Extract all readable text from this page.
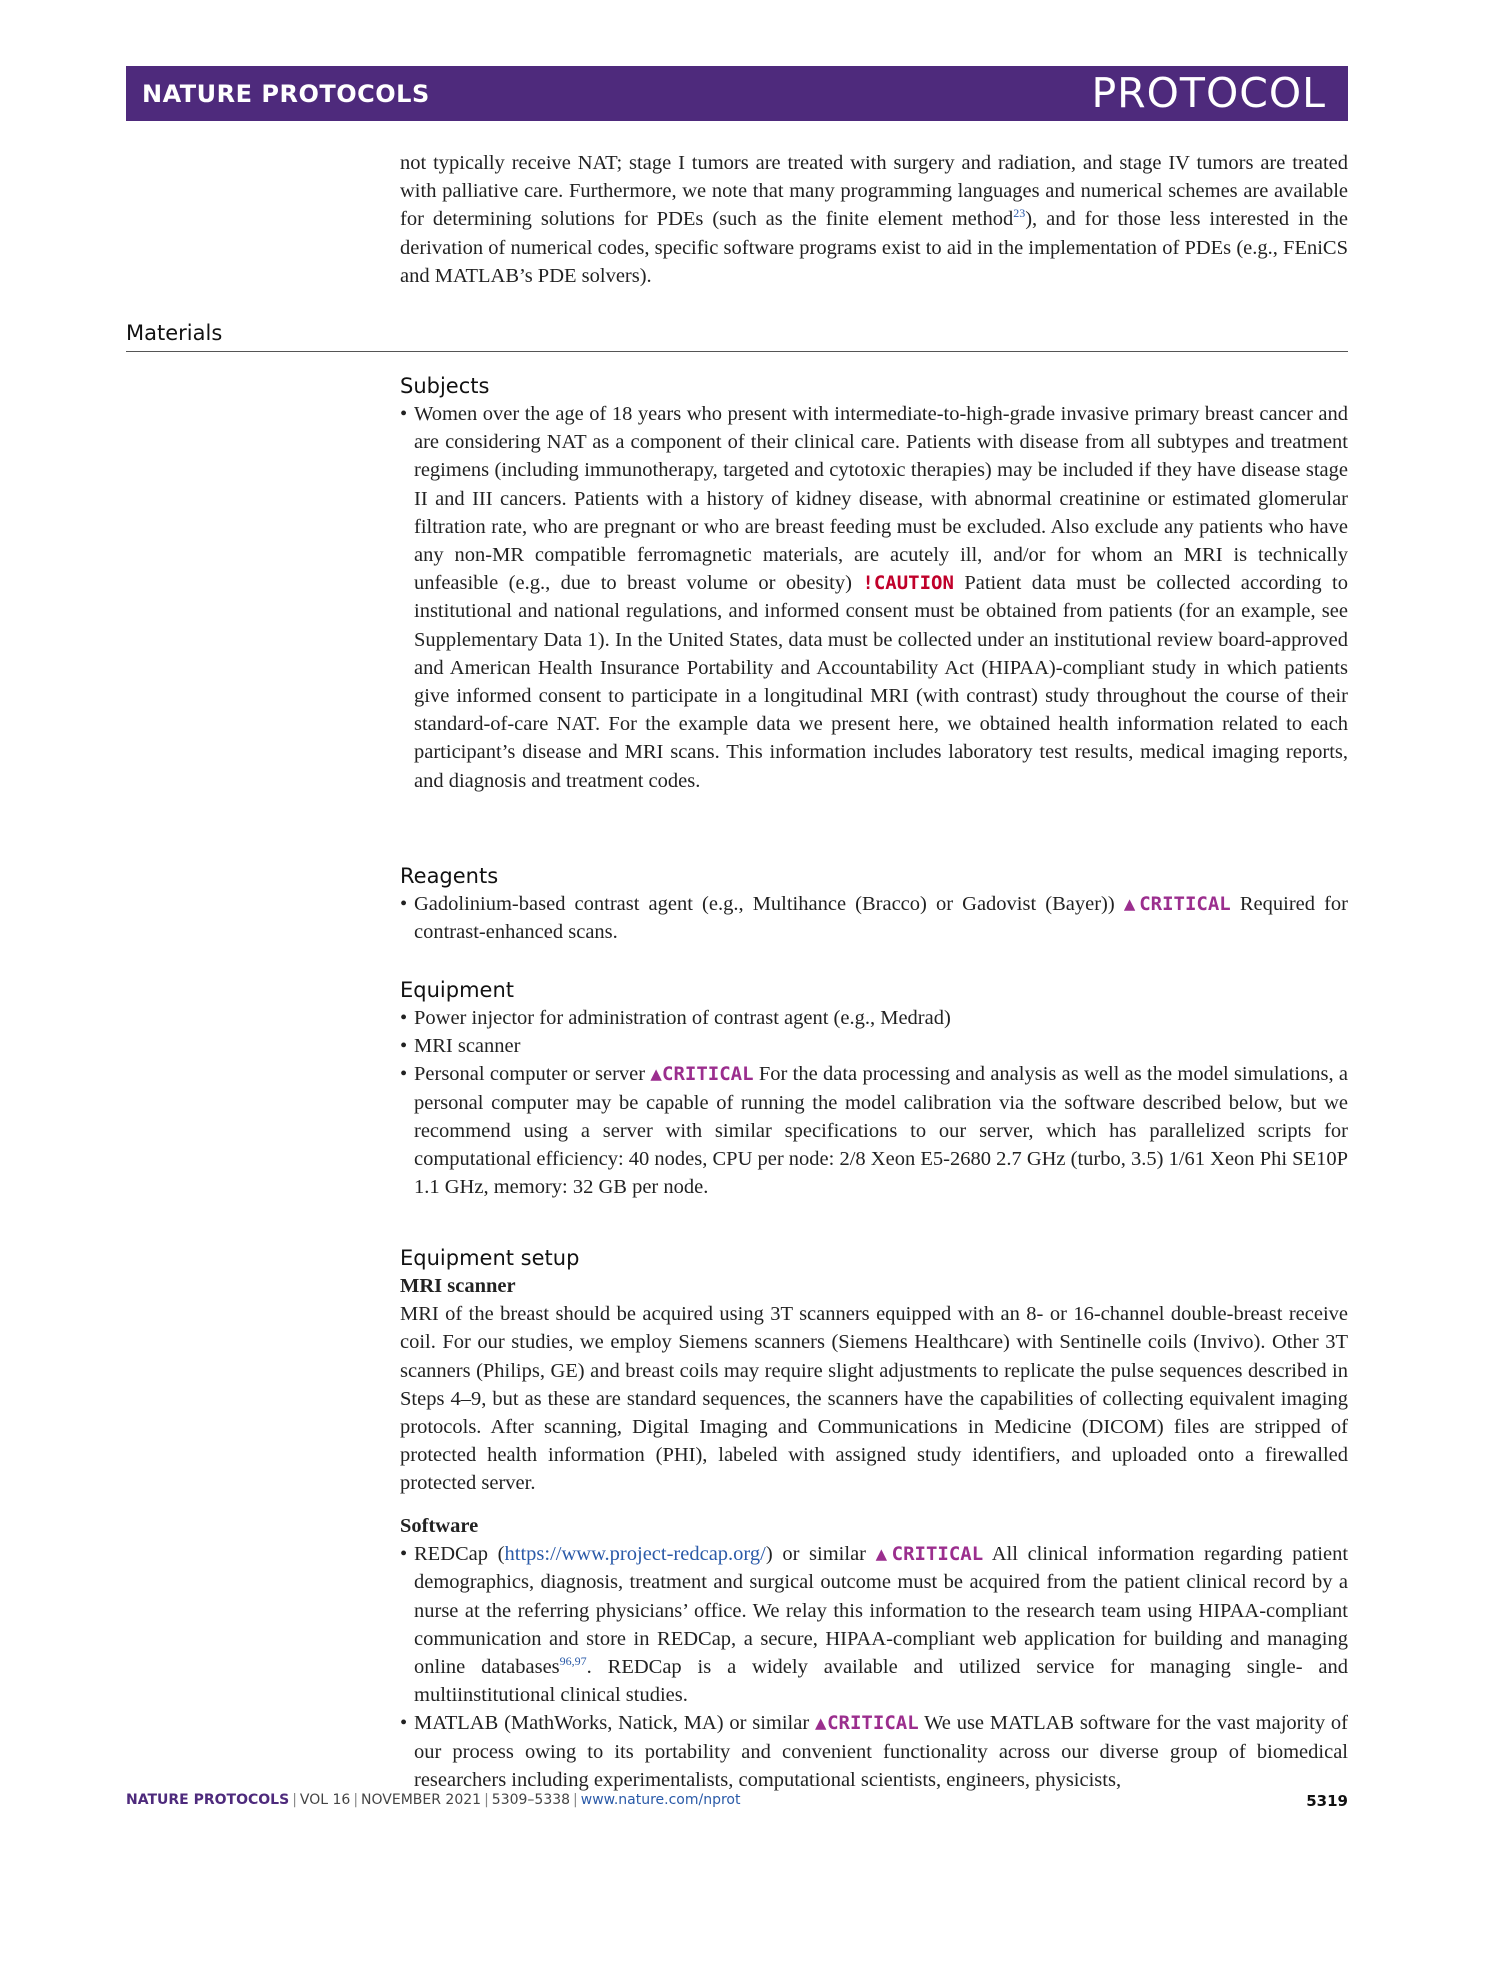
NATURE PROTOCOLS	PROTOCOL

not typically receive NAT; stage I tumors are treated with surgery and radiation, and stage IV tumors are treated with palliative care. Furthermore, we note that many programming languages and numerical schemes are available for determining solutions for PDEs (such as the finite element method$^{23}$), and for those less interested in the derivation of numerical codes, specific software programs exist to aid in the implementation of PDEs (e.g., FEniCS and MATLAB’s PDE solvers).

Materials
Subjects
• Women over the age of 18 years who present with intermediate-to-high-grade invasive primary breast cancer and are considering NAT as a component of their clinical care. Patients with disease from all subtypes and treatment regimens (including immunotherapy, targeted and cytotoxic therapies) may be included if they have disease stage II and III cancers. Patients with a history of kidney disease, with abnormal creatinine or estimated glomerular filtration rate, who are pregnant or who are breast feeding must be excluded. Also exclude any patients who have any non-MR compatible ferromagnetic materials, are acutely ill, and/or for whom an MRI is technically unfeasible (e.g., due to breast volume or obesity) !CAUTION Patient data must be collected according to institutional and national regulations, and informed consent must be obtained from patients (for an example, see Supplementary Data 1). In the United States, data must be collected under an institutional review board-approved and American Health Insurance Portability and Accountability Act (HIPAA)-compliant study in which patients give informed consent to participate in a longitudinal MRI (with contrast) study throughout the course of their standard-of-care NAT. For the example data we present here, we obtained health information related to each participant’s disease and MRI scans. This information includes laboratory test results, medical imaging reports, and diagnosis and treatment codes.
Reagents
• Gadolinium-based contrast agent (e.g., Multihance (Bracco) or Gadovist (Bayer)) ▲CRITICAL Required for contrast-enhanced scans.
Equipment
• Power injector for administration of contrast agent (e.g., Medrad)
• MRI scanner
• Personal computer or server ▲CRITICAL For the data processing and analysis as well as the model simulations, a personal computer may be capable of running the model calibration via the software described below, but we recommend using a server with similar specifications to our server, which has parallelized scripts for computational efficiency: 40 nodes, CPU per node: 2/8 Xeon E5-2680 2.7 GHz (turbo, 3.5) 1/61 Xeon Phi SE10P 1.1 GHz, memory: 32 GB per node.
Equipment setup

MRI scanner

MRI of the breast should be acquired using 3T scanners equipped with an 8- or 16-channel double-breast receive coil. For our studies, we employ Siemens scanners (Siemens Healthcare) with Sentinelle coils (Invivo). Other 3T scanners (Philips, GE) and breast coils may require slight adjustments to replicate the pulse sequences described in Steps 4–9, but as these are standard sequences, the scanners have the capabilities of collecting equivalent imaging protocols. After scanning, Digital Imaging and Communications in Medicine (DICOM) files are stripped of protected health information (PHI), labeled with assigned study identifiers, and uploaded onto a firewalled protected server.

Software

• REDCap (https://www.project-redcap.org/) or similar ▲CRITICAL All clinical information regarding patient demographics, diagnosis, treatment and surgical outcome must be acquired from the patient clinical record by a nurse at the referring physicians’ office. We relay this information to the research team using HIPAA-compliant communication and store in REDCap, a secure, HIPAA-compliant web application for building and managing online databases$^{96,97}$. REDCap is a widely available and utilized service for managing single- and multiinstitutional clinical studies.
• MATLAB (MathWorks, Natick, MA) or similar ▲CRITICAL We use MATLAB software for the vast majority of our process owing to its portability and convenient functionality across our diverse group of biomedical researchers including experimentalists, computational scientists, engineers, physicists,
NATURE PROTOCOLS | VOL 16 | NOVEMBER 2021 | 5309–5338 | www.nature.com/nprot	5319
